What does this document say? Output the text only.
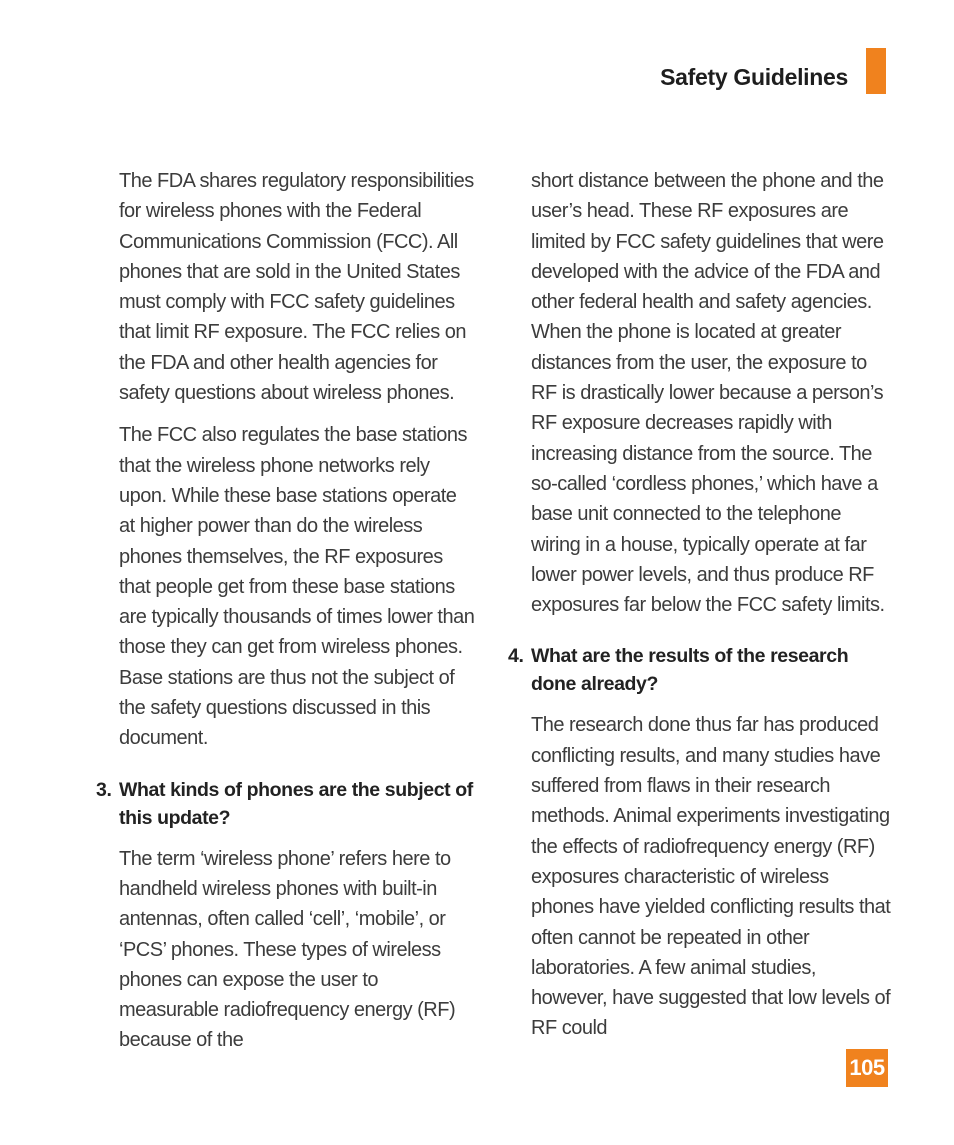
Safety Guidelines

The FDA shares regulatory responsibilities for wireless phones with the Federal Communications Commission (FCC). All phones that are sold in the United States must comply with FCC safety guidelines that limit RF exposure. The FCC relies on the FDA and other health agencies for safety questions about wireless phones.

The FCC also regulates the base stations that the wireless phone networks rely upon. While these base stations operate at higher power than do the wireless phones themselves, the RF exposures that people get from these base stations are typically thousands of times lower than those they can get from wireless phones. Base stations are thus not the subject of the safety questions discussed in this document.

3. What kinds of phones are the subject of this update?

The term ‘wireless phone’ refers here to handheld wireless phones with built-in antennas, often called ‘cell’, ‘mobile’, or ‘PCS’ phones. These types of wireless phones can expose the user to measurable radiofrequency energy (RF) because of the

short distance between the phone and the user’s head. These RF exposures are limited by FCC safety guidelines that were developed with the advice of the FDA and other federal health and safety agencies. When the phone is located at greater distances from the user, the exposure to RF is drastically lower because a person’s RF exposure decreases rapidly with increasing distance from the source. The so-called ‘cordless phones,’ which have a base unit connected to the telephone wiring in a house, typically operate at far lower power levels, and thus produce RF exposures far below the FCC safety limits.

4. What are the results of the research done already?

The research done thus far has produced conflicting results, and many studies have suffered from flaws in their research methods. Animal experiments investigating the effects of radiofrequency energy (RF) exposures characteristic of wireless phones have yielded conflicting results that often cannot be repeated in other laboratories. A few animal studies, however, have suggested that low levels of RF could

105
